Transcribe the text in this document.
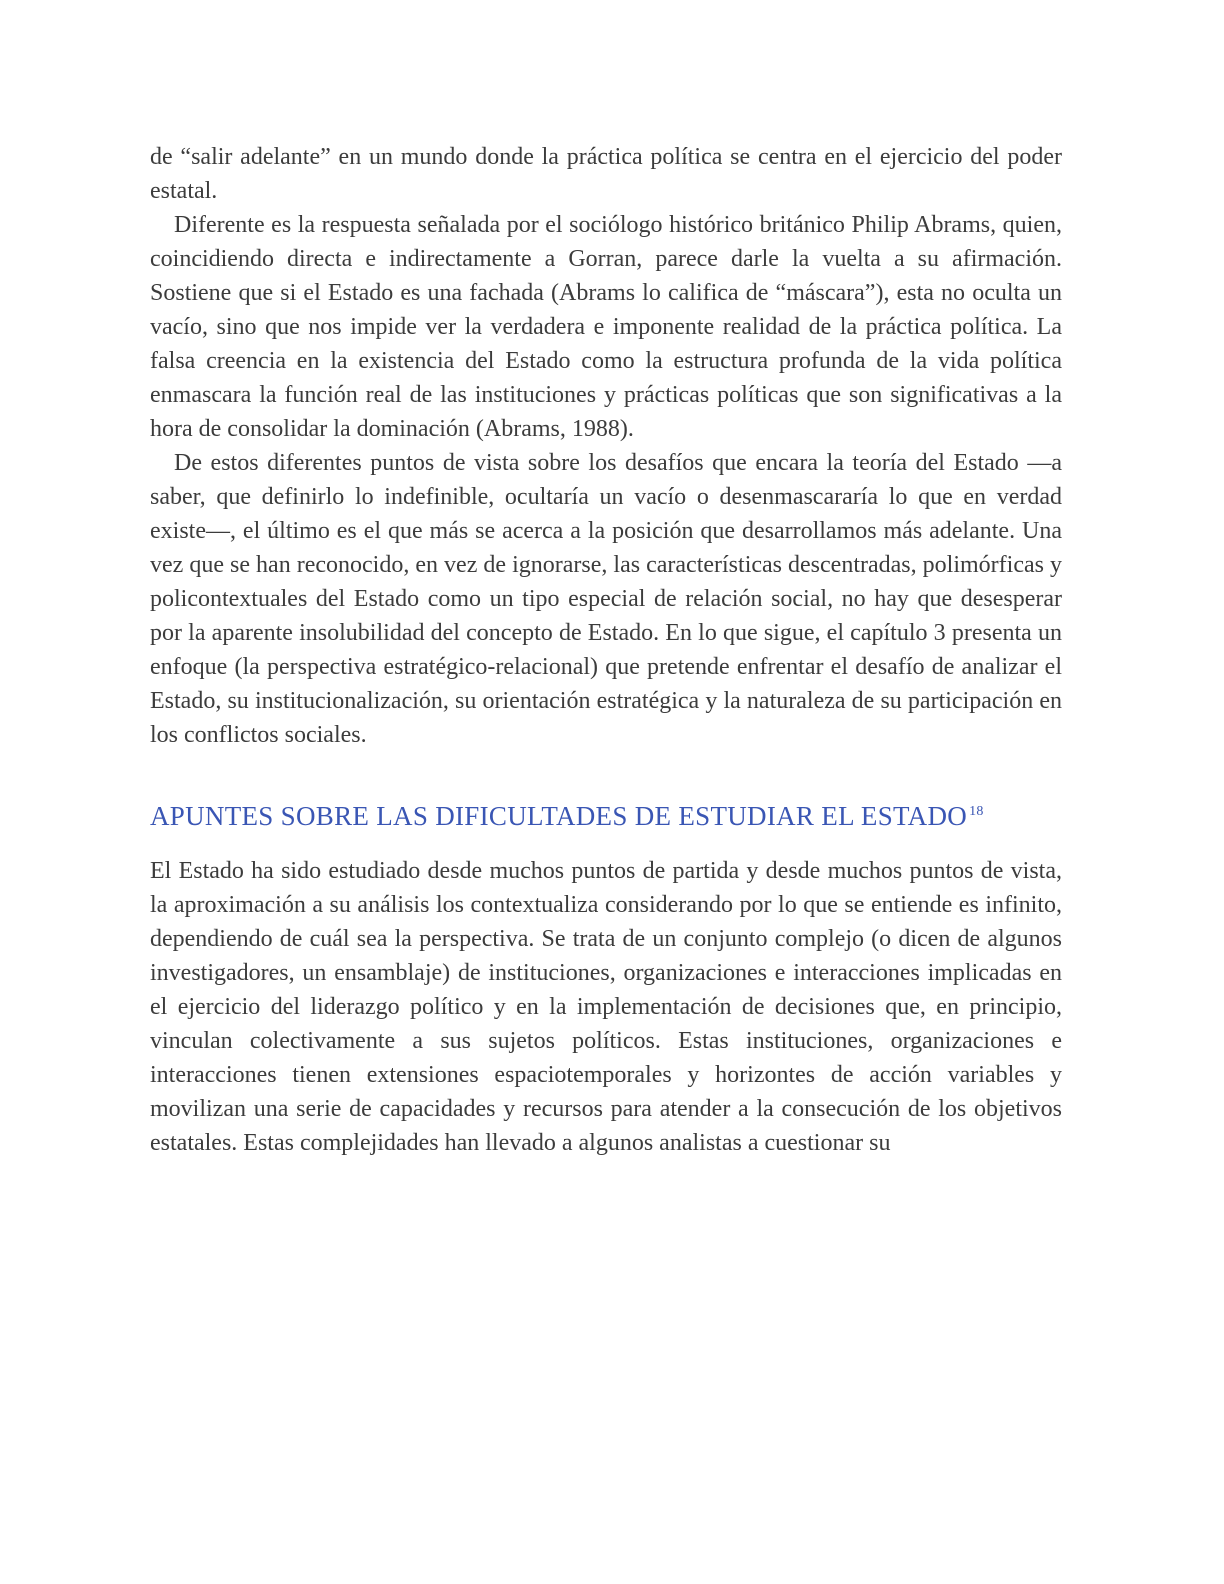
de “salir adelante” en un mundo donde la práctica política se centra en el ejercicio del poder estatal.

Diferente es la respuesta señalada por el sociólogo histórico británico Philip Abrams, quien, coincidiendo directa e indirectamente a Gorran, parece darle la vuelta a su afirmación. Sostiene que si el Estado es una fachada (Abrams lo califica de “máscara”), esta no oculta un vacío, sino que nos impide ver la verdadera e imponente realidad de la práctica política. La falsa creencia en la existencia del Estado como la estructura profunda de la vida política enmascara la función real de las instituciones y prácticas políticas que son significativas a la hora de consolidar la dominación (Abrams, 1988).

De estos diferentes puntos de vista sobre los desafíos que encara la teoría del Estado —a saber, que definirlo lo indefinible, ocultaría un vacío o desenmascararía lo que en verdad existe—, el último es el que más se acerca a la posición que desarrollamos más adelante. Una vez que se han reconocido, en vez de ignorarse, las características descentradas, polimórficas y policontextuales del Estado como un tipo especial de relación social, no hay que desesperar por la aparente insolubilidad del concepto de Estado. En lo que sigue, el capítulo 3 presenta un enfoque (la perspectiva estratégico-relacional) que pretende enfrentar el desafío de analizar el Estado, su institucionalización, su orientación estratégica y la naturaleza de su participación en los conflictos sociales.

APUNTES SOBRE LAS DIFICULTADES DE ESTUDIAR EL ESTADO $^{18}$

El Estado ha sido estudiado desde muchos puntos de partida y desde muchos puntos de vista, la aproximación a su análisis los contextualiza considerando por lo que se entiende es infinito, dependiendo de cuál sea la perspectiva. Se trata de un conjunto complejo (o dicen de algunos investigadores, un ensamblaje) de instituciones, organizaciones e interacciones implicadas en el ejercicio del liderazgo político y en la implementación de decisiones que, en principio, vinculan colectivamente a sus sujetos políticos. Estas instituciones, organizaciones e interacciones tienen extensiones espaciotemporales y horizontes de acción variables y movilizan una serie de capacidades y recursos para atender a la consecución de los objetivos estatales. Estas complejidades han llevado a algunos analistas a cuestionar su
